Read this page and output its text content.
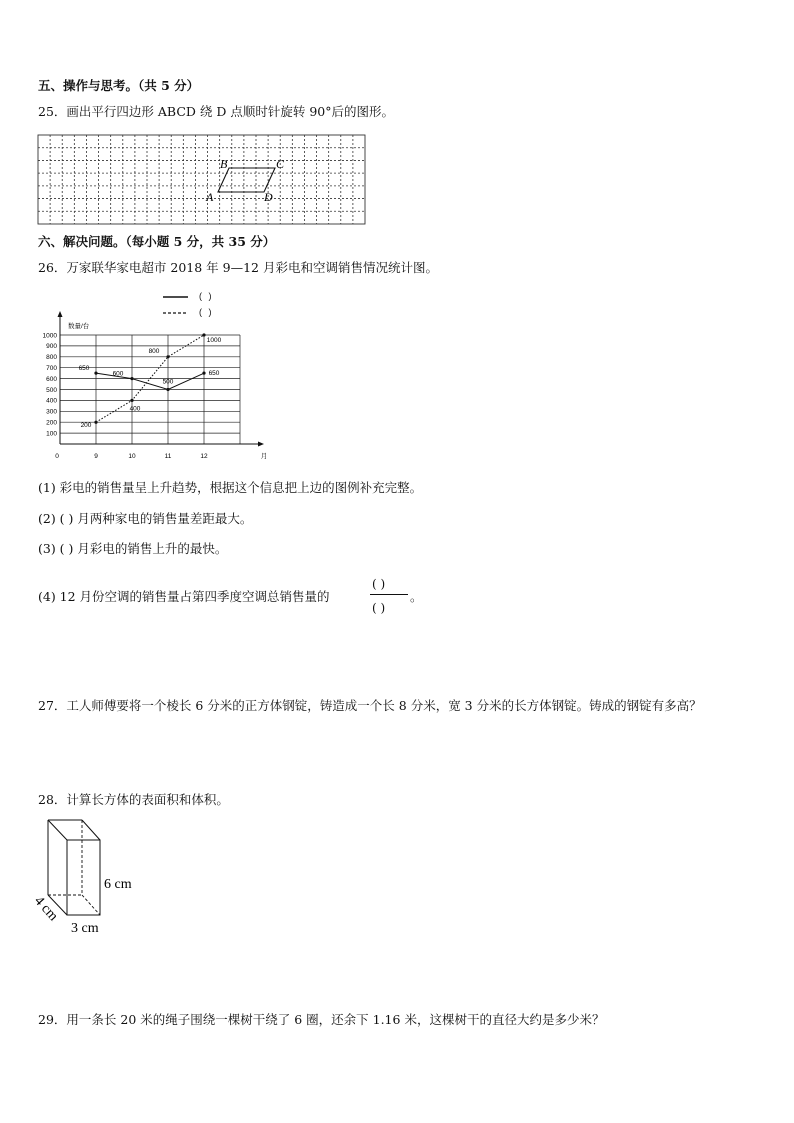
五、操作与思考。（共 5 分）
25．画出平行四边形 ABCD 绕 D 点顺时针旋转 90°后的图形。
B	C
A	D
六、解决问题。（每小题 5 分，共 35 分）
26．万家联华家电超市 2018 年 9—12 月彩电和空调销售情况统计图。
( )
( )
100
200
300
400
500
600
700
800
900
1000
数量/台
0	9	10	11	12	月
650
600
500
650
200
400
800
1000
(1) 彩电的销售量呈上升趋势，根据这个信息把上边的图例补充完整。
(2) ( ) 月两种家电的销售量差距最大。
(3) ( ) 月彩电的销售上升的最快。
(4) 12 月份空调的销售量占第四季度空调总销售量的
( )
( )
。
27．工人师傅要将一个棱长 6 分米的正方体钢锭，铸造成一个长 8 分米，宽 3 分米的长方体钢锭。铸成的钢锭有多高？
28．计算长方体的表面积和体积。
6 cm
3 cm
4 cm
29．用一条长 20 米的绳子围绕一棵树干绕了 6 圈，还余下 1.16 米，这棵树干的直径大约是多少米？
